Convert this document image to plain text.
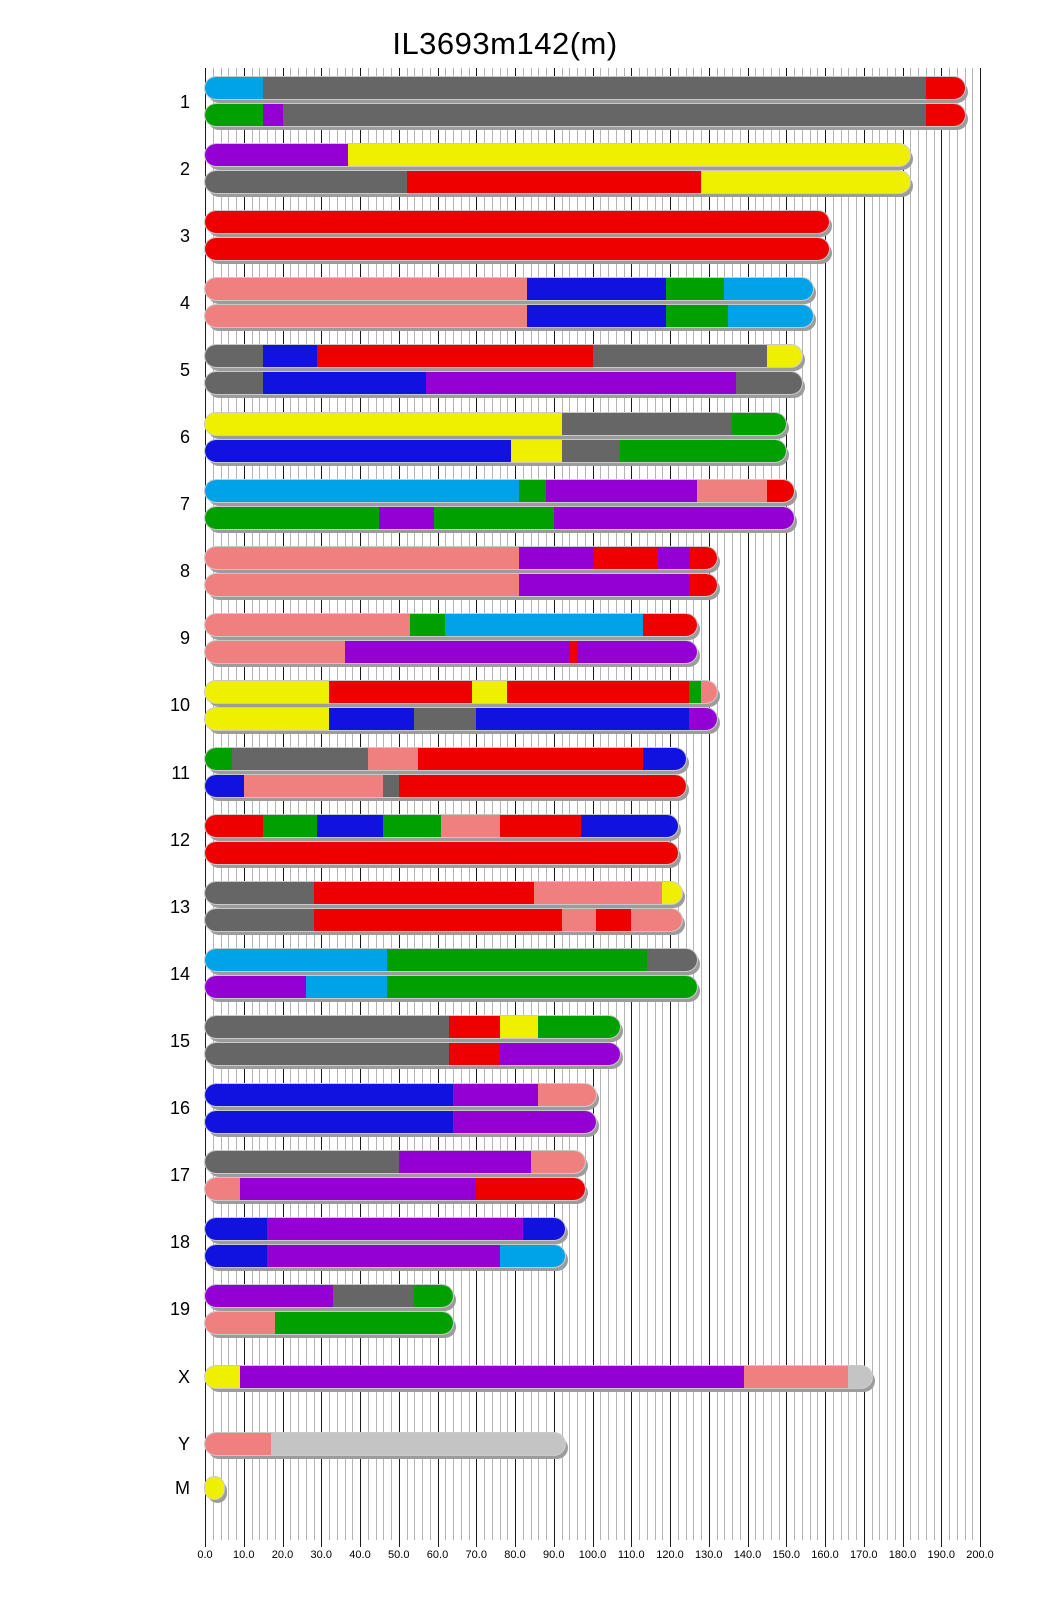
IL3693m142(m)
1
2
3
4
5
6
7
8
9
10
11
12
13
14
15
16
17
18
19
X
Y
M
0.0 10.0 20.0 30.0 40.0 50.0 60.0 70.0 80.0 90.0 100.0 110.0 120.0 130.0 140.0 150.0 160.0 170.0 180.0 190.0 200.0
